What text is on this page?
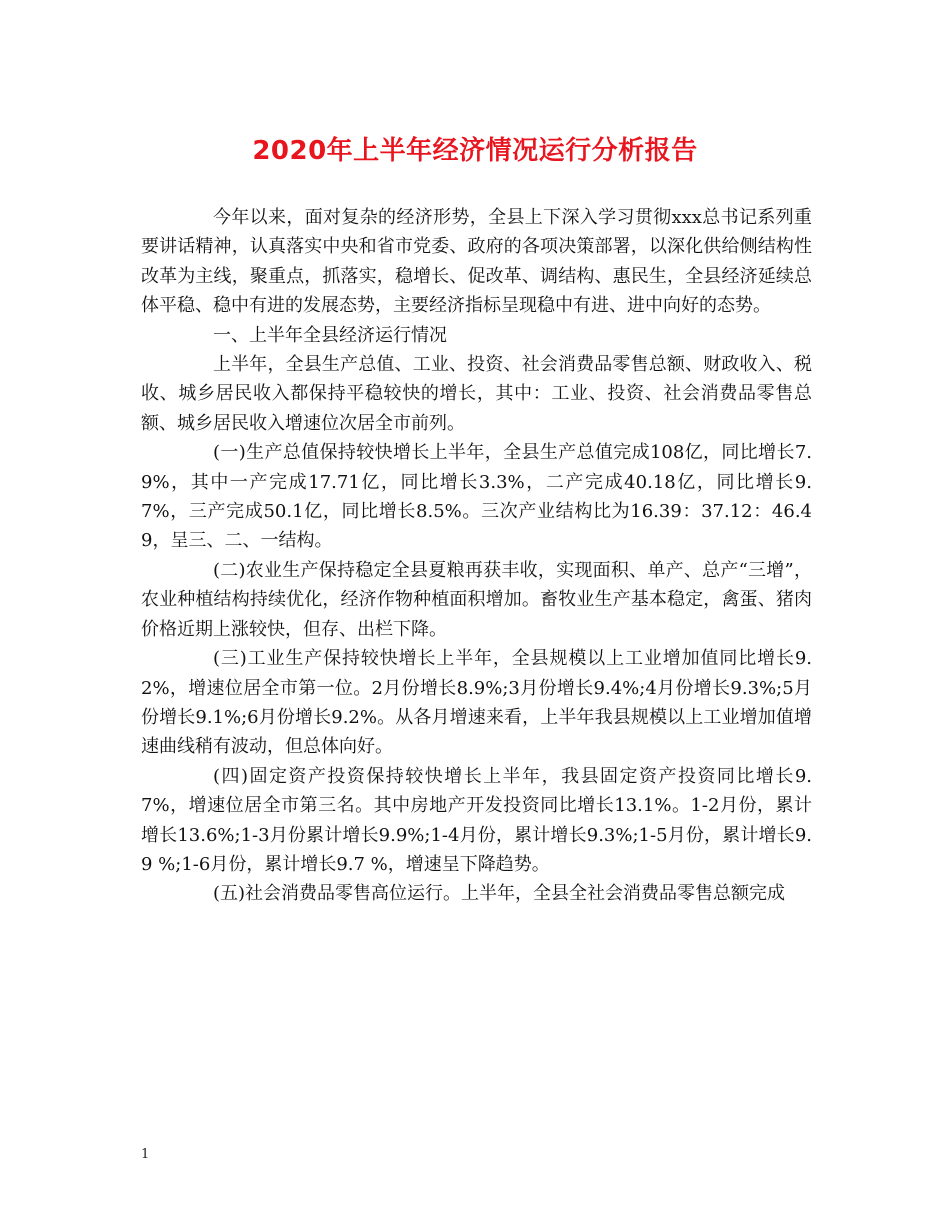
2020年上半年经济情况运行分析报告

今年以来，面对复杂的经济形势，全县上下深入学习贯彻xxx总书记系列重要讲话精神，认真落实中央和省市党委、政府的各项决策部署，以深化供给侧结构性改革为主线，聚重点，抓落实，稳增长、促改革、调结构、惠民生，全县经济延续总体平稳、稳中有进的发展态势，主要经济指标呈现稳中有进、进中向好的态势。

一、上半年全县经济运行情况

上半年，全县生产总值、工业、投资、社会消费品零售总额、财政收入、税收、城乡居民收入都保持平稳较快的增长，其中：工业、投资、社会消费品零售总额、城乡居民收入增速位次居全市前列。

(一)生产总值保持较快增长上半年，全县生产总值完成108亿，同比增长7.9%，其中一产完成17.71亿，同比增长3.3%，二产完成40.18亿，同比增长9.7%，三产完成50.1亿，同比增长8.5%。三次产业结构比为16.39：37.12：46.49，呈三、二、一结构。

(二)农业生产保持稳定全县夏粮再获丰收，实现面积、单产、总产“三增”，农业种植结构持续优化，经济作物种植面积增加。畜牧业生产基本稳定，禽蛋、猪肉价格近期上涨较快，但存、出栏下降。

(三)工业生产保持较快增长上半年，全县规模以上工业增加值同比增长9.2%，增速位居全市第一位。2月份增长8.9%;3月份增长9.4%;4月份增长9.3%;5月份增长9.1%;6月份增长9.2%。从各月增速来看，上半年我县规模以上工业增加值增速曲线稍有波动，但总体向好。

(四)固定资产投资保持较快增长上半年，我县固定资产投资同比增长9.7%，增速位居全市第三名。其中房地产开发投资同比增长13.1%。1-2月份，累计增长13.6%;1-3月份累计增长9.9%;1-4月份，累计增长9.3%;1-5月份，累计增长9.9 %;1-6月份，累计增长9.7 %，增速呈下降趋势。

(五)社会消费品零售高位运行。上半年，全县全社会消费品零售总额完成

1
